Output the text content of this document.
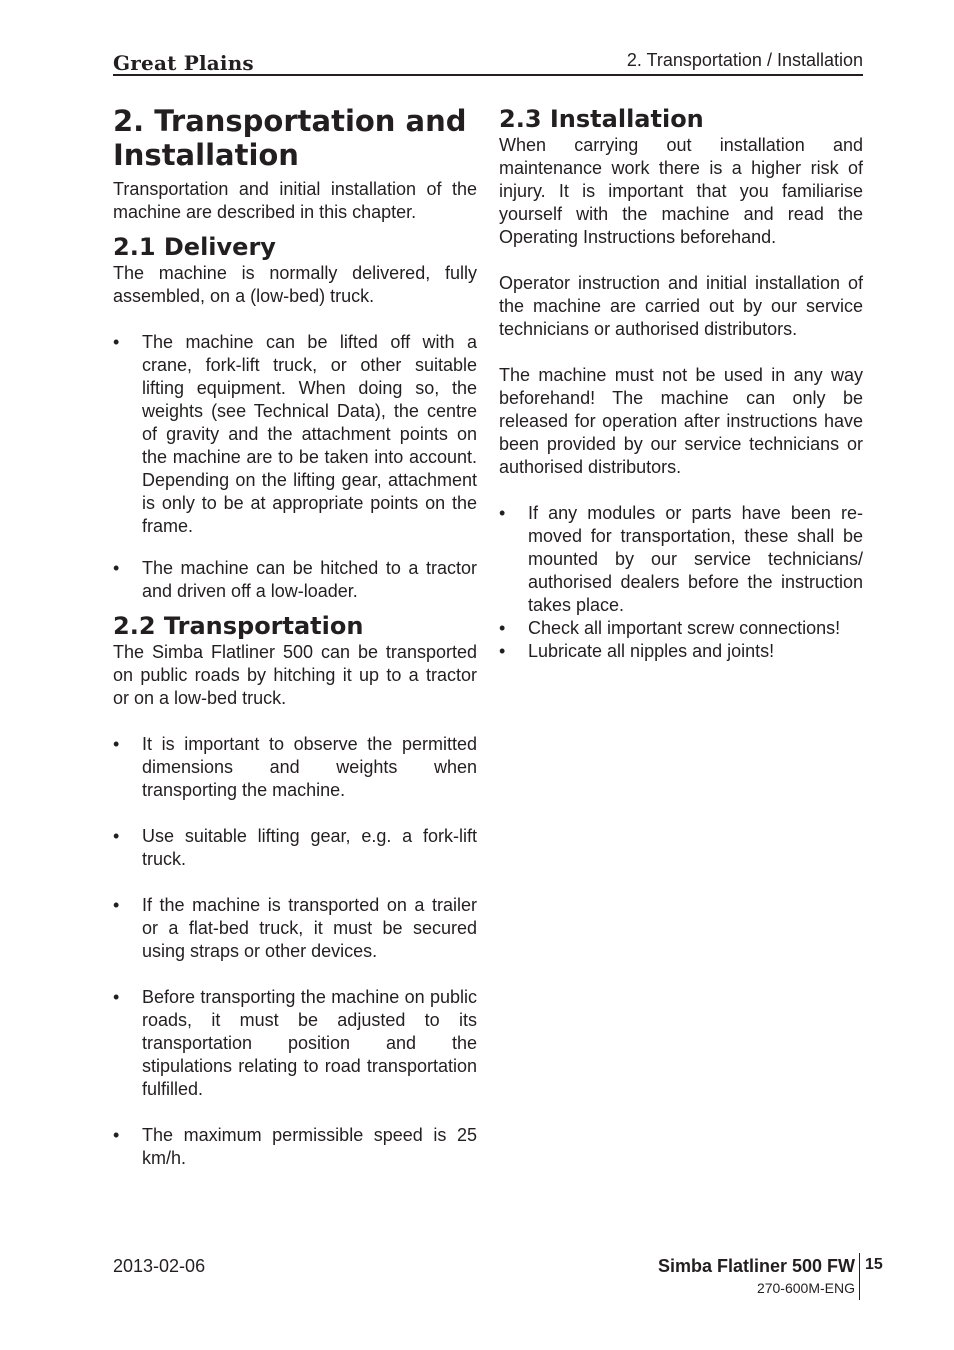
Great Plains	2. Transportation / Installation
2. Transportation and Installation

Transportation and initial installation of the machine are described in this chapter.

2.1 Delivery

The machine is normally delivered, fully assembled, on a (low-bed) truck.

• The machine can be lifted off with a crane, fork-lift truck, or other suitable lifting equipment. When doing so, the weights (see Technical Data), the centre of gravity and the attachment points on the machine are to be taken into account. Depending on the lifting gear, attachment is only to be at appropriate points on the frame.
• The machine can be hitched to a tractor and driven off a low-loader.
2.2 Transportation

The Simba Flatliner 500 can be transported on public roads by hitching it up to a tractor or on a low-bed truck.

• It is important to observe the permitted dimensions and weights when transporting the machine.
• Use suitable lifting gear, e.g. a fork-lift truck.
• If the machine is transported on a trailer or a flat-bed truck, it must be secured using straps or other devices.
• Before transporting the machine on public roads, it must be adjusted to its transportation position and the stipulations relating to road transportation fulfilled.
• The maximum permissible speed is 25 km/h.
2.3 Installation

When carrying out installation and maintenance work there is a higher risk of injury. It is important that you familiarise yourself with the machine and read the Operating Instructions beforehand.

Operator instruction and initial installation of the machine are carried out by our service technicians or authorised distributors.

The machine must not be used in any way beforehand! The machine can only be released for operation after instructions have been provided by our service technicians or authorised distributors.

• If any modules or parts have been re-moved for transportation, these shall be mounted by our service technicians/ authorised dealers before the instruction takes place.
• Check all important screw connections!
• Lubricate all nipples and joints!
2013-02-06	Simba Flatliner 500 FW
270-600M-ENG
15
